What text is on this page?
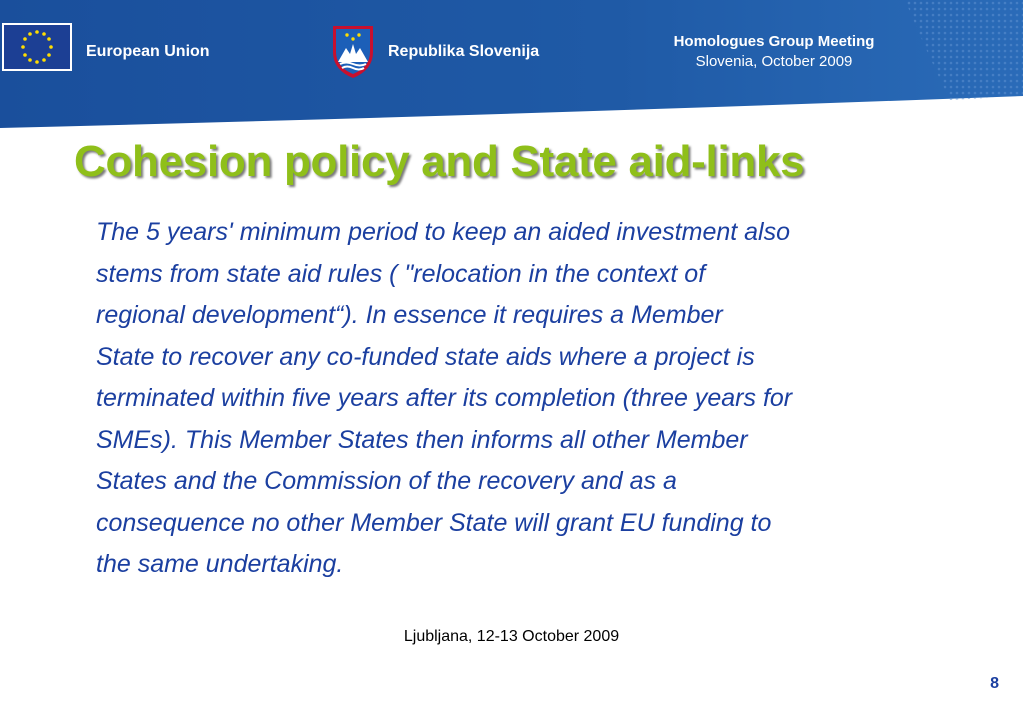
European Union	Republika Slovenija
Homologues Group Meeting
Slovenia, October 2009
Cohesion policy and State aid-links
The 5 years' minimum period to keep an aided investment also
stems from state aid rules ( "relocation in the context of
regional development“). In essence it requires a Member
State to recover any co-funded state aids where a project is
terminated within five years after its completion (three years for
SMEs). This Member States then informs all other Member
States and the Commission of the recovery and as a
consequence no other Member State will grant EU funding to
the same undertaking.
Ljubljana, 12-13 October 2009
8
